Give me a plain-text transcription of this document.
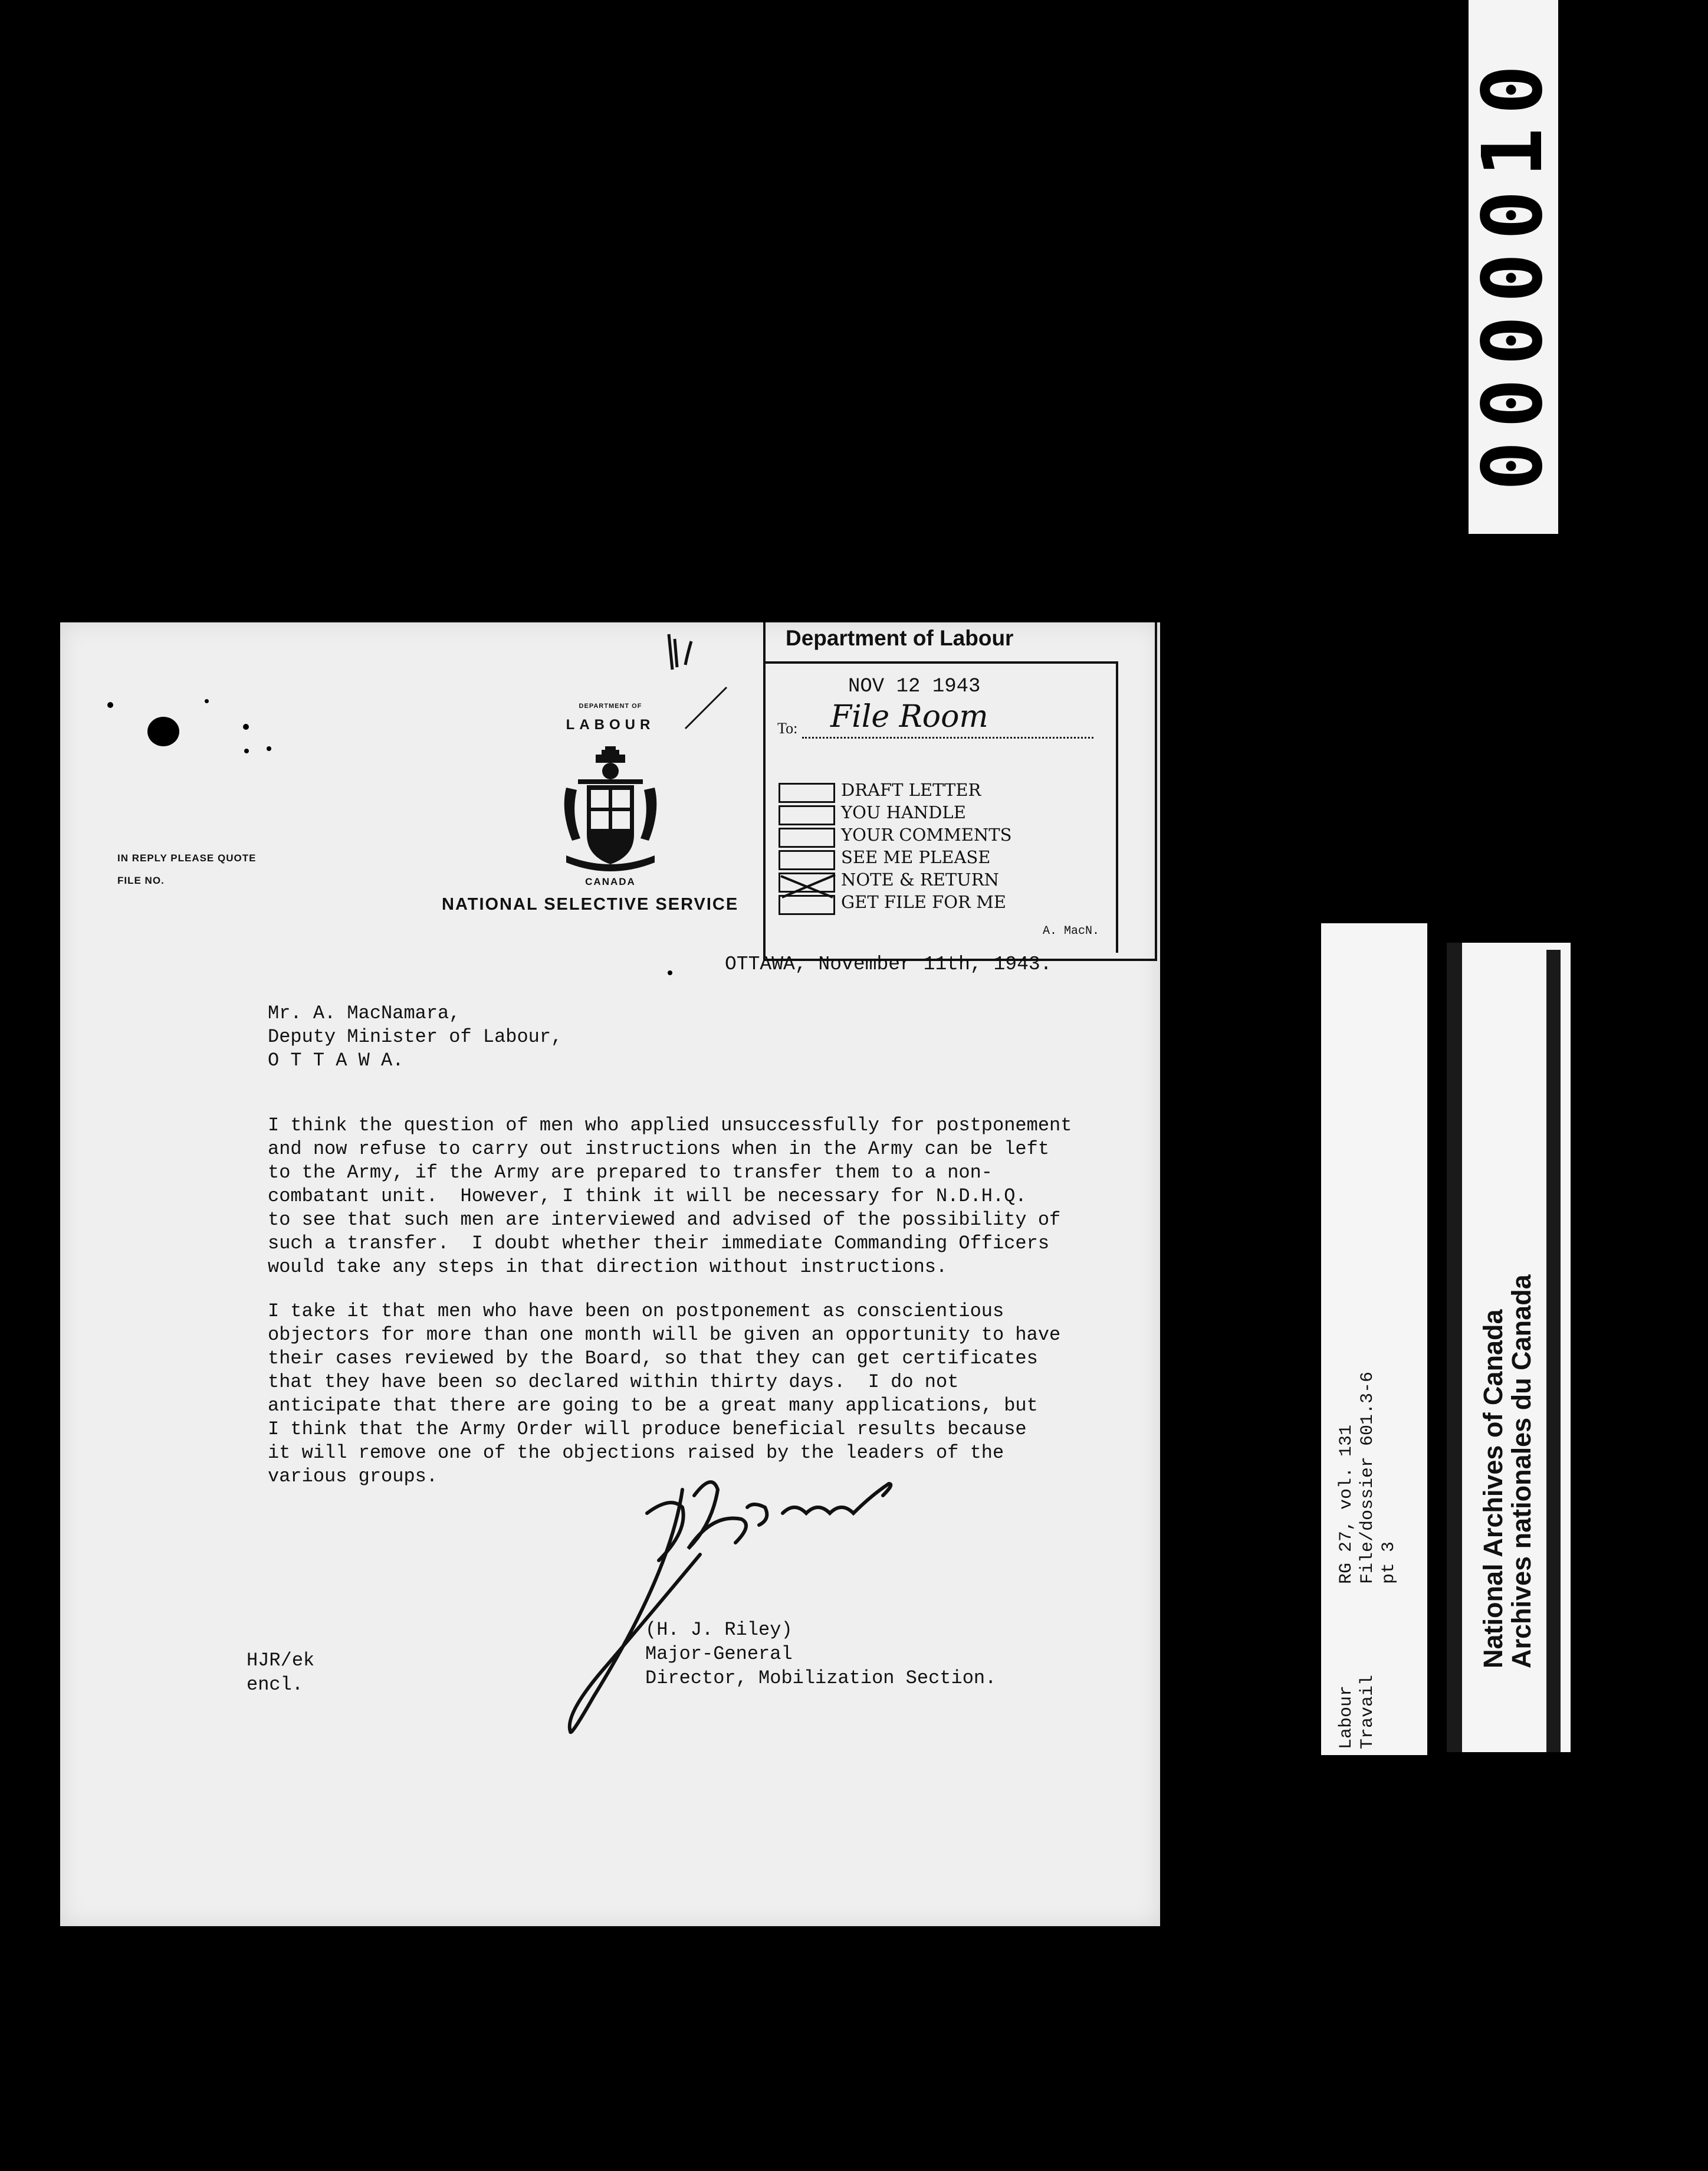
0000010
DEPARTMENT OF
LABOUR
CANADA
IN REPLY PLEASE QUOTE
FILE NO.
NATIONAL SELECTIVE SERVICE
Department of Labour
NOV 12 1943
To: File Room
DRAFT LETTER
YOU HANDLE
YOUR COMMENTS
SEE ME PLEASE
NOTE & RETURN
GET FILE FOR ME
A. MacN.
OTTAWA, November 11th, 1943.
Mr. A. MacNamara,
Deputy Minister of Labour,
O T T A W A.
I think the question of men who applied unsuccessfully for postponement
and now refuse to carry out instructions when in the Army can be left
to the Army, if the Army are prepared to transfer them to a non-
combatant unit.  However, I think it will be necessary for N.D.H.Q.
to see that such men are interviewed and advised of the possibility of
such a transfer.  I doubt whether their immediate Commanding Officers
would take any steps in that direction without instructions.
I take it that men who have been on postponement as conscientious
objectors for more than one month will be given an opportunity to have
their cases reviewed by the Board, so that they can get certificates
that they have been so declared within thirty days.  I do not
anticipate that there are going to be a great many applications, but
I think that the Army Order will produce beneficial results because
it will remove one of the objections raised by the leaders of the
various groups.
(H. J. Riley)
Major-General
Director, Mobilization Section.
HJR/ek
encl.
RG 27, vol. 131
File/dossier 601.3-6
pt 3
Labour
Travail
National Archives of Canada
Archives nationales du Canada
